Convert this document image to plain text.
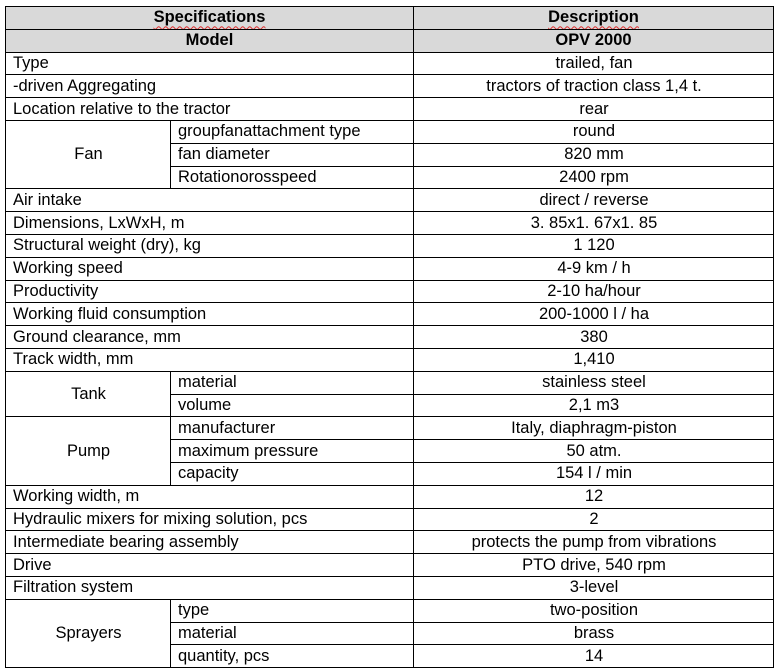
Specifications		Description
Model		OPV 2000
Type		trailed, fan
-driven Aggregating		tractors of traction class 1,4 t.
Location relative to the tractor		rear
Fan	groupfanattachment type	round
	fan diameter	820 mm
	Rotationorosspeed	2400 rpm
Air intake		direct / reverse
Dimensions, LxWxH, m		3. 85x1. 67x1. 85
Structural weight (dry), kg		1 120
Working speed		4-9 km / h
Productivity		2-10 ha/hour
Working fluid consumption		200-1000 l / ha
Ground clearance, mm		380
Track width, mm		1,410
Tank	material	stainless steel
	volume	2,1 m3
Pump	manufacturer	Italy, diaphragm-piston
	maximum pressure	50 atm.
	capacity	154 l / min
Working width, m		12
Hydraulic mixers for mixing solution, pcs		2
Intermediate bearing assembly		protects the pump from vibrations
Drive		PTO drive, 540 rpm
Filtration system		3-level
Sprayers	type	two-position
	material	brass
	quantity, pcs	14
